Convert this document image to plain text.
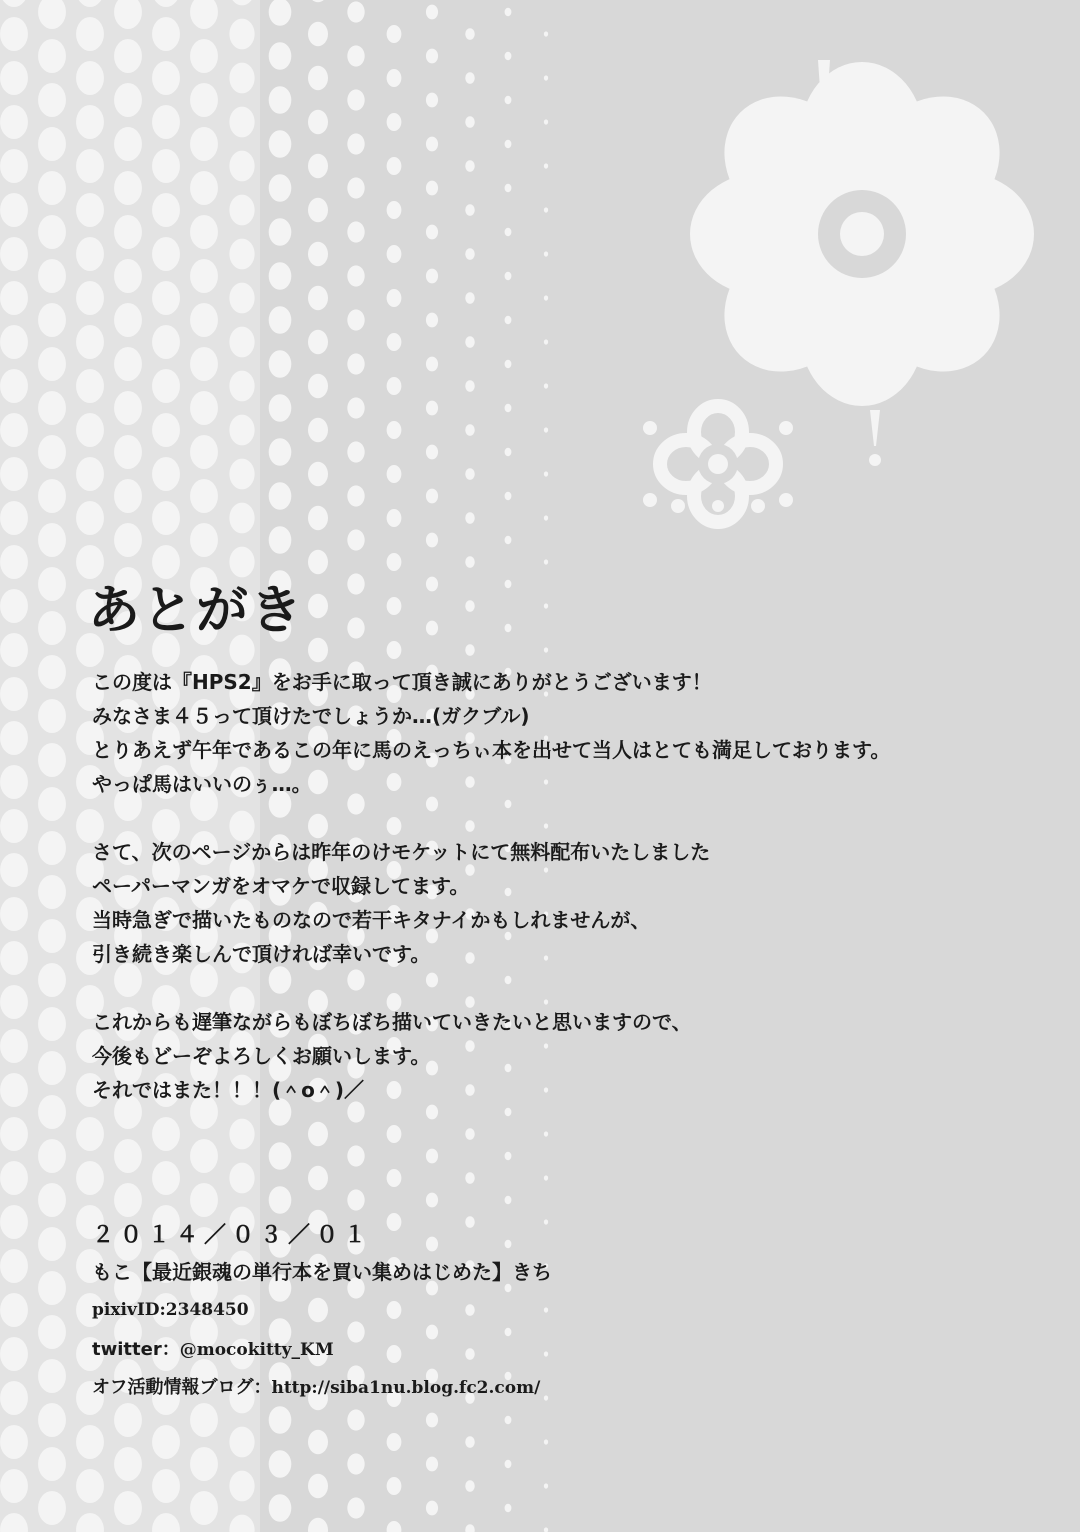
あとがき
この度は『HPS2』をお手に取って頂き誠にありがとうございます！
みなさま４５って頂けたでしょうか…(ガクブル)
とりあえず午年であるこの年に馬のえっちぃ本を出せて当人はとても満足しております。
やっぱ馬はいいのぅ…。
さて、次のページからは昨年のけモケットにて無料配布いたしました
ペーパーマンガをオマケで収録してます。
当時急ぎで描いたものなので若干キタナイかもしれませんが、
引き続き楽しんで頂ければ幸いです。
これからも遅筆ながらもぼちぼち描いていきたいと思いますので、
今後もどーぞよろしくお願いします。
それではまた！！！(＾o＾)／
２０１４／０３／０１
もこ【最近銀魂の単行本を買い集めはじめた】きち
pixivID:2348450
twitter：@mocokitty_KM
オフ活動情報ブログ：http://siba1nu.blog.fc2.com/
